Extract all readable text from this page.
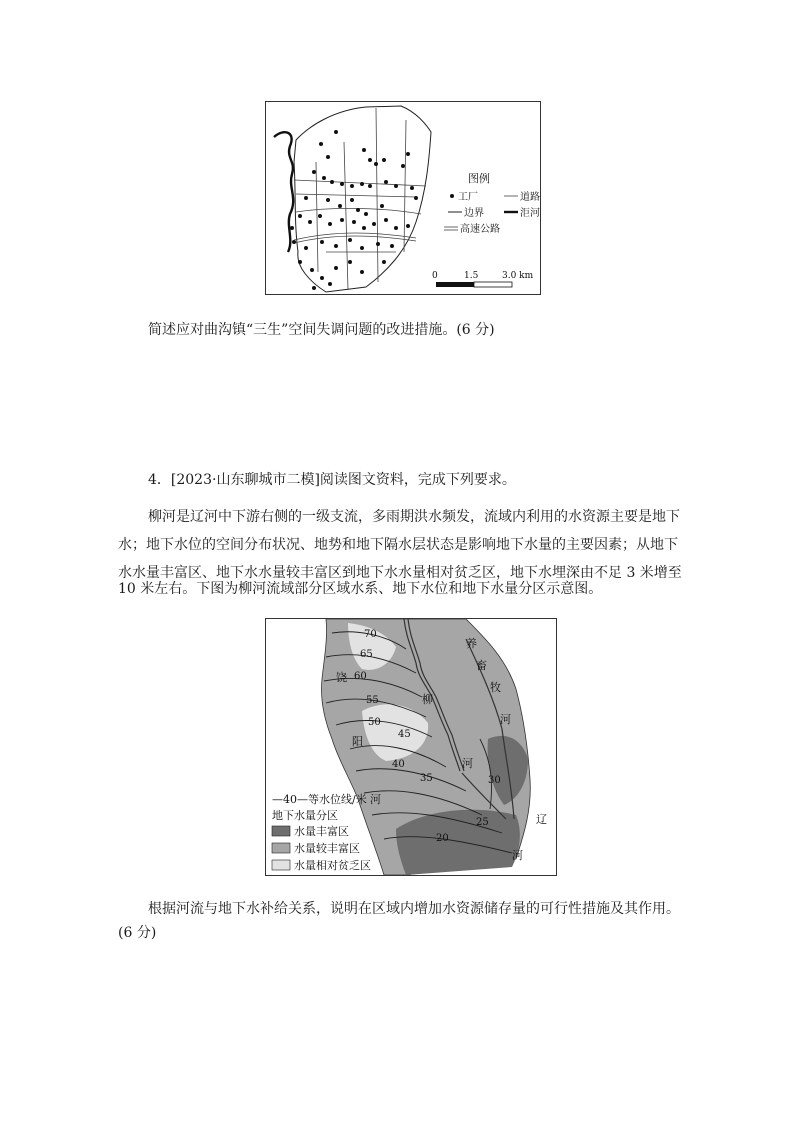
图例
工厂	道路
边界	洰河
高速公路
0	1.5	3.0 km

简述应对曲沟镇“三生”空间失调问题的改进措施。(6 分)

4．[2023·山东聊城市二模]阅读图文资料，完成下列要求。

柳河是辽河中下游右侧的一级支流，多雨期洪水频发，流域内利用的水资源主要是地下

水；地下水位的空间分布状况、地势和地下隔水层状态是影响地下水量的主要因素；从地下

水水量丰富区、地下水水量较丰富区到地下水水量相对贫乏区，地下水埋深由不足 3 米增至

10 米左右。下图为柳河流域部分区域水系、地下水位和地下水量分区示意图。

70
65
60
55
50
45
40
35	30
25
20
饶
阳
养
畜
牧
河
柳
河
河
辽
河
—40—等水位线/米
地下水量分区
水量丰富区
水量较丰富区
水量相对贫乏区

根据河流与地下水补给关系，说明在区域内增加水资源储存量的可行性措施及其作用。

(6 分)
